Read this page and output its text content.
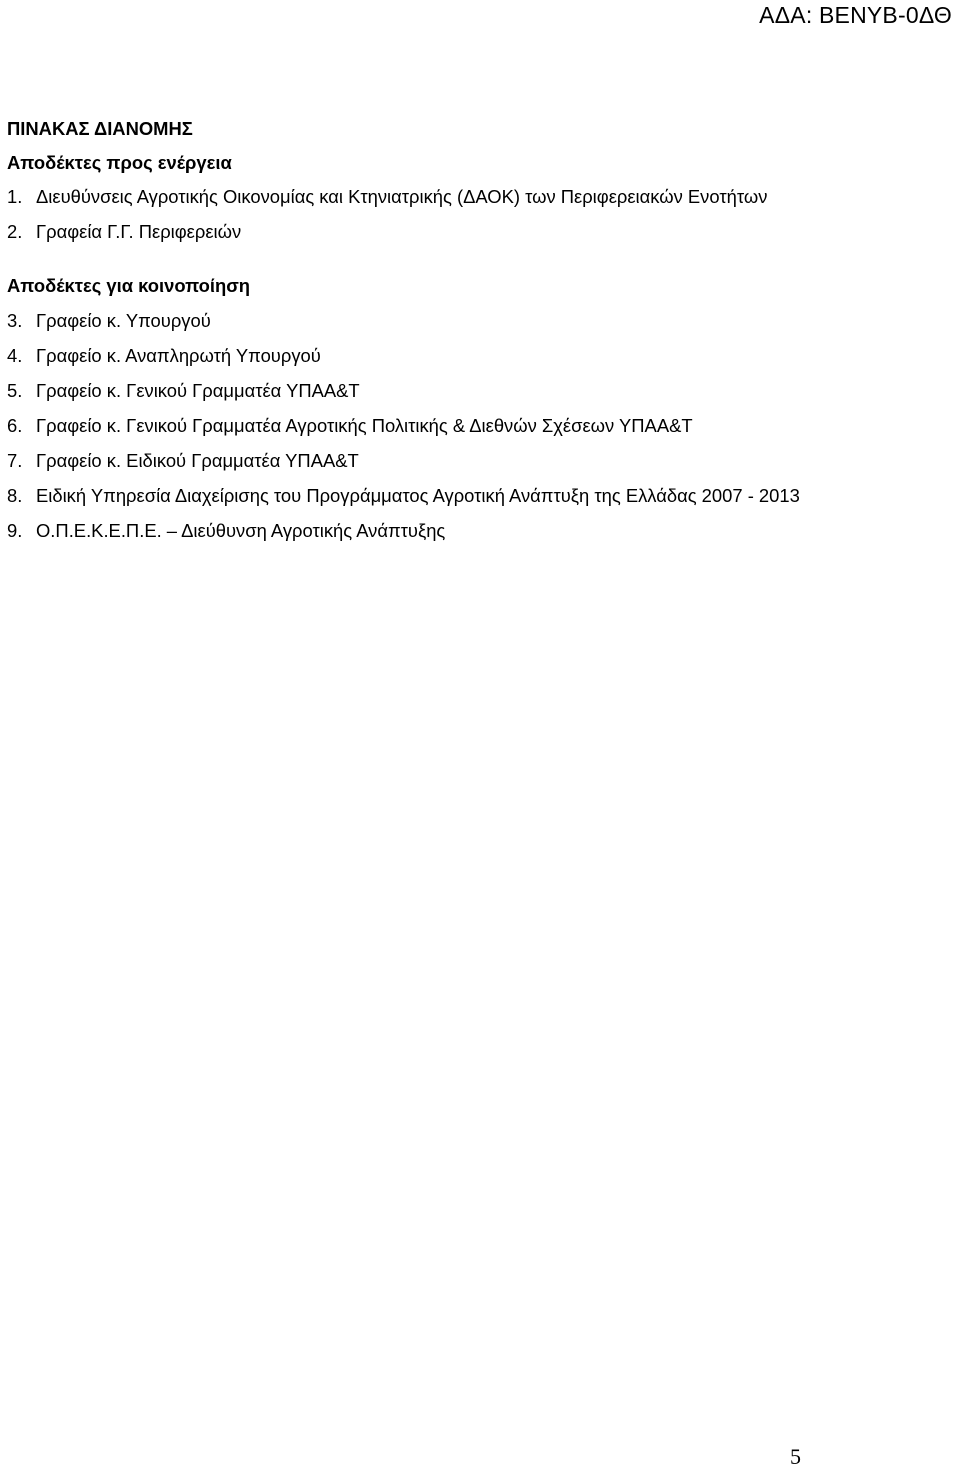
ΑΔΑ: ΒΕΝΥΒ-0ΔΘ

ΠΙΝΑΚΑΣ ΔΙΑΝΟΜΗΣ

Αποδέκτες προς ενέργεια

1. Διευθύνσεις Αγροτικής Οικονομίας και Κτηνιατρικής (ΔΑΟΚ) των Περιφερειακών Ενοτήτων
2. Γραφεία Γ.Γ. Περιφερειών

Αποδέκτες για κοινοποίηση

3. Γραφείο κ. Υπουργού
4. Γραφείο κ. Αναπληρωτή Υπουργού
5. Γραφείο κ. Γενικού Γραμματέα ΥΠΑΑ&Τ
6. Γραφείο κ. Γενικού Γραμματέα Αγροτικής Πολιτικής & Διεθνών Σχέσεων ΥΠΑΑ&Τ
7. Γραφείο κ. Ειδικού Γραμματέα ΥΠΑΑ&Τ
8. Ειδική Υπηρεσία Διαχείρισης του Προγράμματος Αγροτική Ανάπτυξη της Ελλάδας 2007 - 2013
9. Ο.Π.Ε.Κ.Ε.Π.Ε. – Διεύθυνση Αγροτικής Ανάπτυξης
5
